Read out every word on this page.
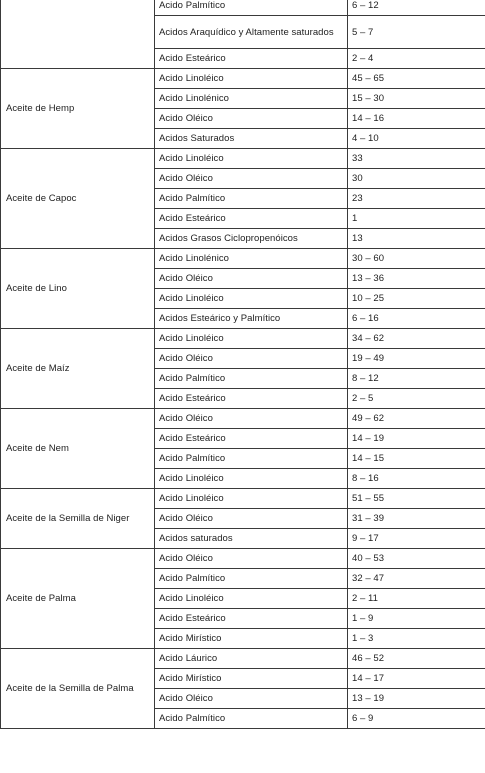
	Acido Palmítico	6 – 12
	Acidos Araquídico y Altamente saturados	5 – 7
	Acido Esteárico	2 – 4
Aceite de Hemp	Acido Linoléico	45 – 65
	Acido Linolénico	15 – 30
	Acido Oléico	14 – 16
	Acidos Saturados	4 – 10
Aceite de Capoc	Acido Linoléico	33
	Acido Oléico	30
	Acido Palmítico	23
	Acido Esteárico	1
	Acidos Grasos Ciclopropenóicos	13
Aceite de Lino	Acido Linolénico	30 – 60
	Acido Oléico	13 – 36
	Acido Linoléico	10 – 25
	Acidos Esteárico y Palmítico	6 – 16
Aceite de Maíz	Acido Linoléico	34 – 62
	Acido Oléico	19 – 49
	Acido Palmítico	8 – 12
	Acido Esteárico	2 – 5
Aceite de Nem	Acido Oléico	49 – 62
	Acido Esteárico	14 – 19
	Acido Palmítico	14 – 15
	Acido Linoléico	8 – 16
Aceite de la Semilla de Niger	Acido Linoléico	51 – 55
	Acido Oléico	31 – 39
	Acidos saturados	9 – 17
Aceite de Palma	Acido Oléico	40 – 53
	Acido Palmítico	32 – 47
	Acido Linoléico	2 – 11
	Acido Esteárico	1 – 9
	Acido Mirístico	1 – 3
Aceite de la Semilla de Palma	Acido Láurico	46 – 52
	Acido Mirístico	14 – 17
	Acido Oléico	13 – 19
	Acido Palmítico	6 – 9
